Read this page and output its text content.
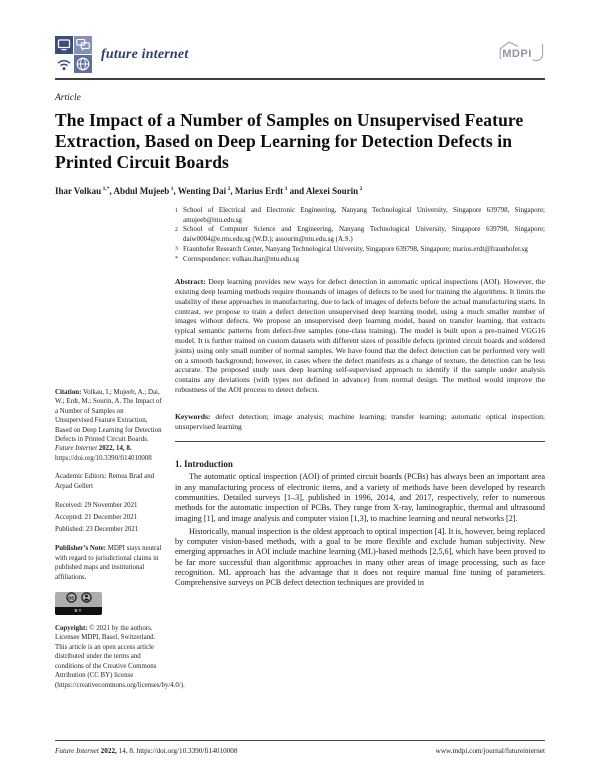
future internet	MDPI

Article

The Impact of a Number of Samples on Unsupervised Feature Extraction, Based on Deep Learning for Detection Defects in Printed Circuit Boards

Ihar Volkau $^{1,*}$, Abdul Mujeeb $^1$, Wenting Dai $^2$, Marius Erdt $^3$ and Alexei Sourin $^2$

Citation: Volkau, I.; Mujeeb, A.; Dai, W.; Erdt, M.; Sourin, A. The Impact of a Number of Samples on Unsupervised Feature Extraction, Based on Deep Learning for Detection Defects in Printed Circuit Boards. Future Internet 2022, 14, 8. https://doi.org/10.3390/fi14010008

Academic Editors: Remus Brad and Arpad Gellert

Received: 29 November 2021

Accepted: 21 December 2021

Published: 23 December 2021

Publisher’s Note: MDPI stays neutral with regard to jurisdictional claims in published maps and institutional affiliations.

cc
BY

Copyright: © 2021 by the authors. Licensee MDPI, Basel, Switzerland. This article is an open access article distributed under the terms and conditions of the Creative Commons Attribution (CC BY) license (https://creativecommons.org/licenses/by/4.0/).

1 School of Electrical and Electronic Engineering, Nanyang Technological University, Singapore 639798, Singapore; amujeeb@ntu.edu.sg
2 School of Computer Science and Engineering, Nanyang Technological University, Singapore 639798, Singapore; daiw0004@e.ntu.edu.sg (W.D.); assourin@ntu.edu.sg (A.S.)
3 Fraunhofer Research Center, Nanyang Technological University, Singapore 639798, Singapore; marius.erdt@fraunhofer.sg
* Correspondence: volkau.ihar@ntu.edu.sg

Abstract: Deep learning provides new ways for defect detection in automatic optical inspections (AOI). However, the existing deep learning methods require thousands of images of defects to be used for training the algorithms. It limits the usability of these approaches in manufacturing, due to lack of images of defects before the actual manufacturing starts. In contrast, we propose to train a defect detection unsupervised deep learning model, using a much smaller number of images without defects. We propose an unsupervised deep learning model, based on transfer learning, that extracts typical semantic patterns from defect-free samples (one-class training). The model is built upon a pre-trained VGG16 model. It is further trained on custom datasets with different sizes of possible defects (printed circuit boards and soldered joints) using only small number of normal samples. We have found that the defect detection can be performed very well on a smooth background; however, in cases where the defect manifests as a change of texture, the detection can be less accurate. The proposed study uses deep learning self-supervised approach to identify if the sample under analysis contains any deviations (with types not defined in advance) from normal design. The method would improve the robustness of the AOI process to detect defects.

Keywords: defect detection; image analysis; machine learning; transfer learning; automatic optical inspection; unsupervised learning

1. Introduction

The automatic optical inspection (AOI) of printed circuit boards (PCBs) has always been an important area in any manufacturing process of electronic items, and a variety of methods have been developed by research communities. Detailed surveys [1–3], published in 1996, 2014, and 2017, respectively, refer to numerous methods for the automatic inspection of PCBs. They range from X-ray, laminographic, thermal and ultrasound imaging [1], and image analysis and computer vision [1,3], to machine learning and neural networks [2].

Historically, manual inspection is the oldest approach to optical inspection [4]. It is, however, being replaced by computer vision-based methods, with a goal to be more flexible and exclude human subjectivity. New emerging approaches in AOI include machine learning (ML)-based methods [2,5,6], which have been proved to be far more successful than algorithmic approaches in many other areas of image processing, such as face recognition. ML approach has the advantage that it does not require manual fine tuning of parameters. Comprehensive surveys on PCB defect detection techniques are provided in

Future Internet 2022, 14, 8. https://doi.org/10.3390/fi14010008	www.mdpi.com/journal/futureinternet
